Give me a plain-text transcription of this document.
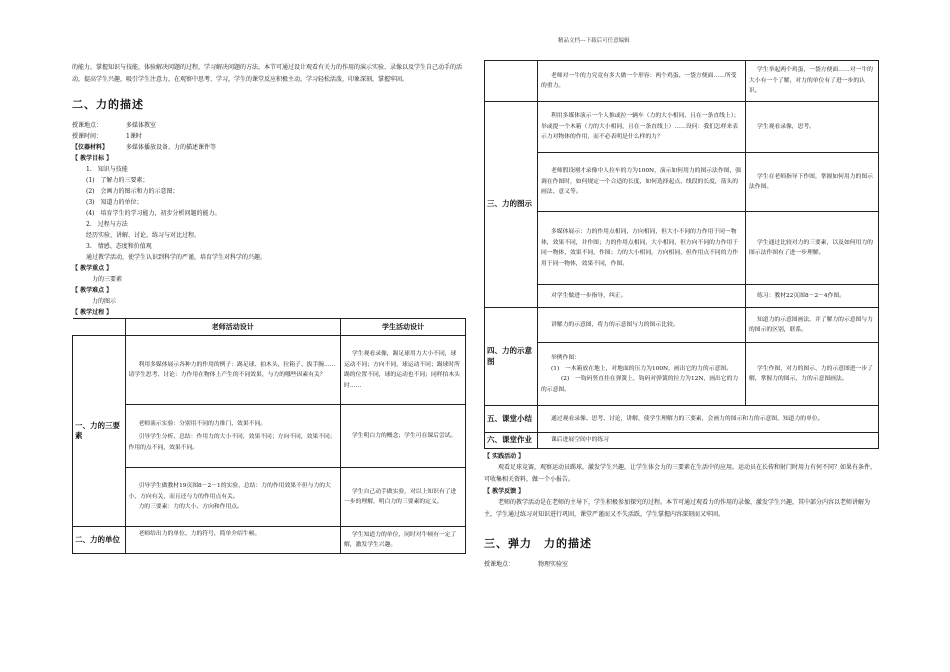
精品文档---下载后可任意编辑

的能力，掌握知识与技能，体验解决问题的过程，学习解决问题的方法。本节可通过设计观看有关力的作用的演示实验、录像以及学生自己动手的活动，提高学生兴趣，吸引学生注意力，在观察中思考、学习，学生的课堂反应积极主动，学习轻松活泼，印象深刻，掌握牢固。

二、力的描述
授课地点：	多媒体教室
授课时间：	1课时
【仪器材料】	多媒体播放设备、力的描述课件等
【 教学目标 】
1.　知识与技能
(1)　了解力的三要素；
(2)　会画力的图示和力的示意图；
(3)　知道力的单位；
(4)　培育学生的学习能力，初步分析问题的能力。
2.　过程与方法
经历实验、讲解、讨论、练习与对比过程。
3.　情感、态度和价值观
通过教学活动，使学生认识到科学的严谨，培育学生对科学的兴趣。
【 教学重点 】
力的三要素
【 教学难点 】
力的图示
【 教学过程 】
	老师活动设计	学生活动设计
一、力的三要素	利用多媒体展示各种力的作用的例子：踢足球、拍木头、拉箱子、拔手腕……请学生思考、讨论：力作用在物体上产生的不同效果，与力的哪些因素有关？	学生观看录像，踢足球用力大小不同，球运动不同；方向不同，球运动不同；踢球时所踢的位置不同，球的运动也不同；同样拍木头时……

	老师演示实验：分别用不同的力推门，效果不同。
引导学生分析、总结：作用力的大小不同，效果不同；方向不同，效果不同；作用的点不同，效果不同。	学生明白力的概念；学生可在课后尝试。

	引导学生做教材19页图8－2－1的实验，总结：力的作用效果不但与力的大小、方向有关，而且还与力的作用点有关。
力的三要素：力的大小、方向和作用点。	学生自己动手做实验，对以上知识有了进一步的理解，明白力的三要素的定义。
二、力的单位	老师给出力的单位、力的符号，简单介绍牛顿。	学生知道力的单位，同时对牛顿有一定了解，激发学生兴趣。
	老师对一牛的力究竟有多大做一个形容：两个鸡蛋、一袋方便面……所受的重力。	学生举起两个鸡蛋，一袋方便面……对一牛的大小有一个了解，对力的单位有了进一步的认识。
三、力的图示	利用多媒体演示一个人推或拉一辆车（力的大小相同，且在一条直线上）；举或提一个木箱（力的大小相同，且在一条直线上）……设问：我们怎样来表示力对物体的作用，而不必表明是什么样的力？	学生观看录像，思考。
	老师假设刚才录像中人拉车的力为100N，演示如何用力的图示法作图，强调在作图时，如何规定一个合适的长度，如何选择起点、线段的长度，箭头的画法、意义等。	学生在老师指导下作图，掌握如何用力的图示法作图。
	多媒体展示：力的作用点相同，方向相同，但大小不同的力作用于同一物体，效果不同，并作图；力的作用点相同，大小相同，但方向不同的力作用于同一物体，效果不同，作图；力的大小相同，方向相同，但作用点不同的力作用于同一物体，效果不同，作图。	学生通过比较对力的三要素，以及如何用力的图示法作图有了进一步理解。
	对学生做进一步指导，纠正。	练习：教材22页图8－2－4作图。
四、力的示意图	讲解力的示意图，将力的示意图与力的图示比较。	知道力的示意图画法，并了解力的示意图与力的图示的区别，联系。

	举例作图：
(1)　一木箱放在地上，对地面的压力为100N，画出它的力的示意图。
(2)　一钩码竖直挂在弹簧上，钩码对弹簧的拉力为12N，画出它的力的示意图。	学生作图，对力的图示、力的示意图进一步了解，掌握力的图示、力的示意图画法。
五、课堂小结	通过观看录像、思考、讨论，讲解，使学生理解力的三要素，会画力的图示和力的示意图，知道力的单位。	
六、课堂作业	课后进展空间中的练习	
【 实践活动 】

观看足球竞赛，观察运动员踢球，激发学生兴趣，让学生体会力的三要素在生活中的应用。运动员在长传和射门时用力有何不同？如果有条件，可收集相关资料，做一个小报告。

【 教学反馈 】

老师的教学活动是在老师的主导下，学生积极参加探究的过程。本节可通过观看力的作用的录像，激发学生兴趣，其中部分内容以老师讲解为主，学生通过练习对知识进行巩固，课堂严谨而又不失活跃，学生掌握内容深刻而又牢固。

三、弹力　力的描述
授课地点：	物理实验室
